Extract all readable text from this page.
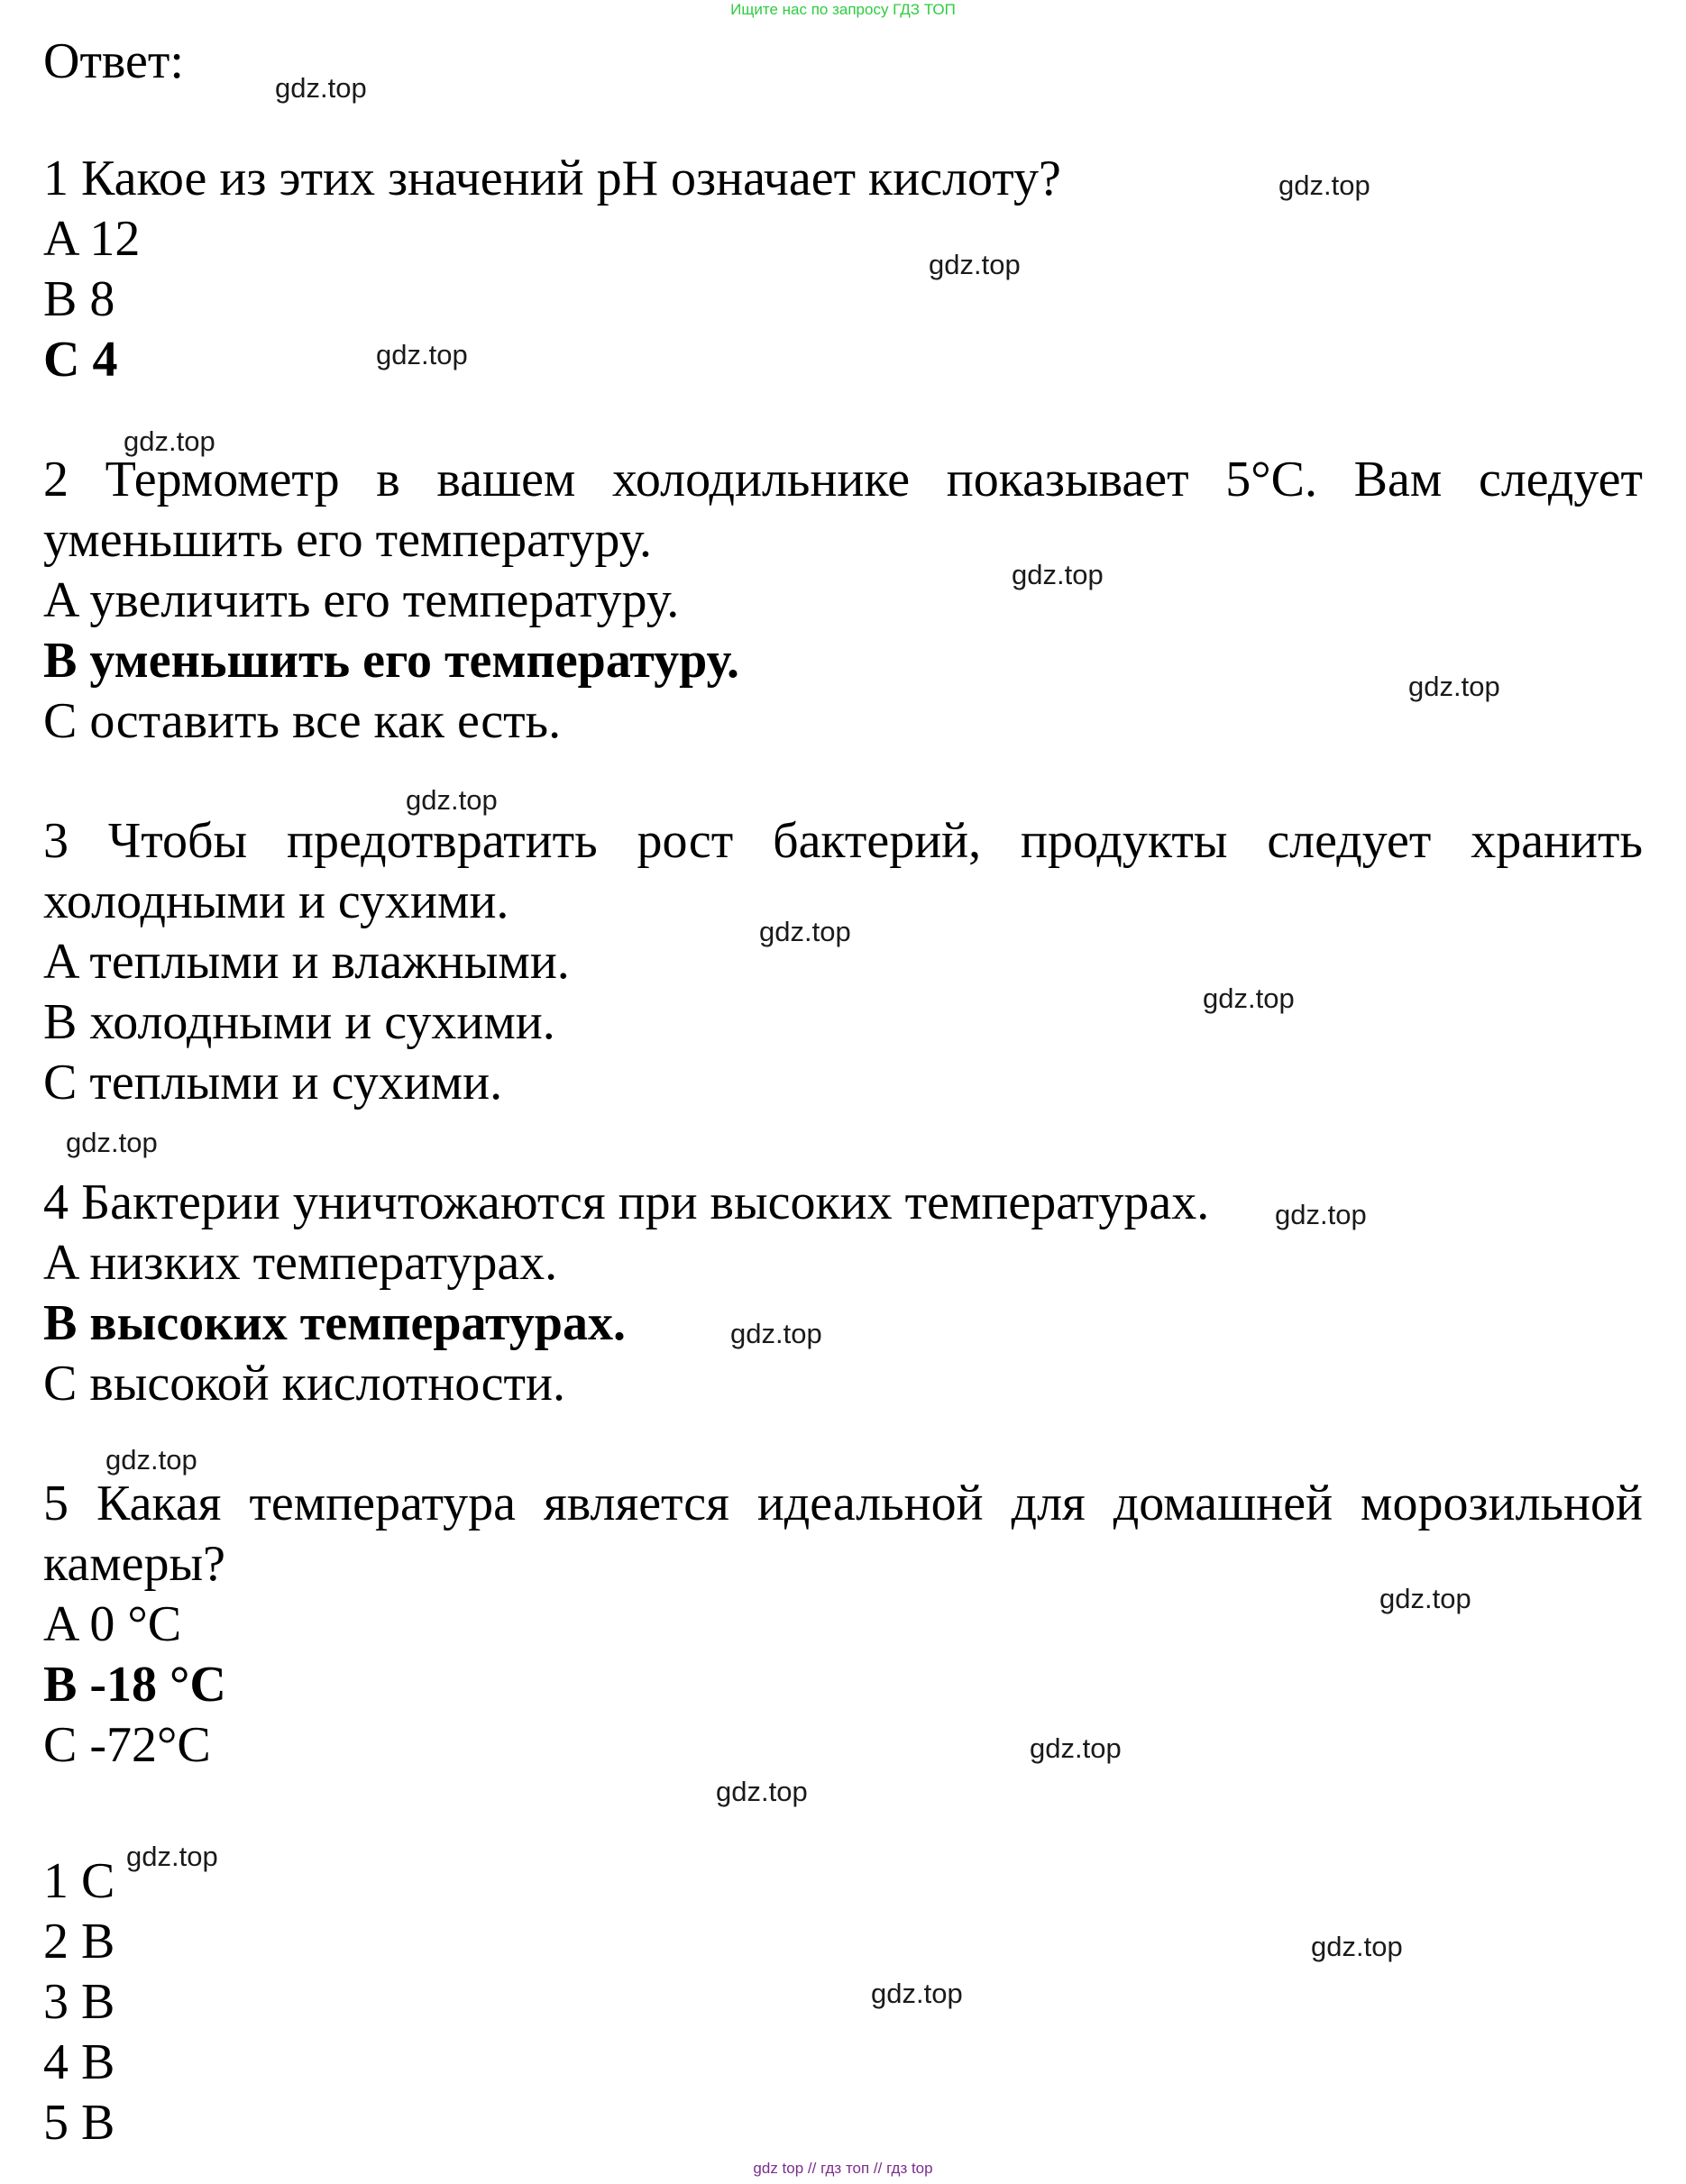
Ищите нас по запросу ГДЗ ТОП

Ответ:

1 Какое из этих значений pH означает кислоту?

A 12

B 8

C 4

2 Термометр в вашем холодильнике показывает 5°C. Вам следует уменьшить его температуру.

A увеличить его температуру.

B уменьшить его температуру.

C оставить все как есть.

3 Чтобы предотвратить рост бактерий, продукты следует хранить холодными и сухими.

A теплыми и влажными.

B холодными и сухими.

C теплыми и сухими.

4 Бактерии уничтожаются при высоких температурах.

A низких температурах.

B высоких температурах.

C высокой кислотности.

5 Какая температура является идеальной для домашней морозильной камеры?

A 0 °C

B -18 °C

C -72°C

1 C

2 B

3 B

4 B

5 B

gdz.top
gdz.top
gdz.top
gdz.top
gdz.top
gdz.top
gdz.top
gdz.top
gdz.top
gdz.top
gdz.top
gdz.top
gdz.top
gdz.top
gdz.top
gdz.top
gdz.top
gdz.top
gdz.top
gdz.top
gdz top // гдз топ // гдз top
